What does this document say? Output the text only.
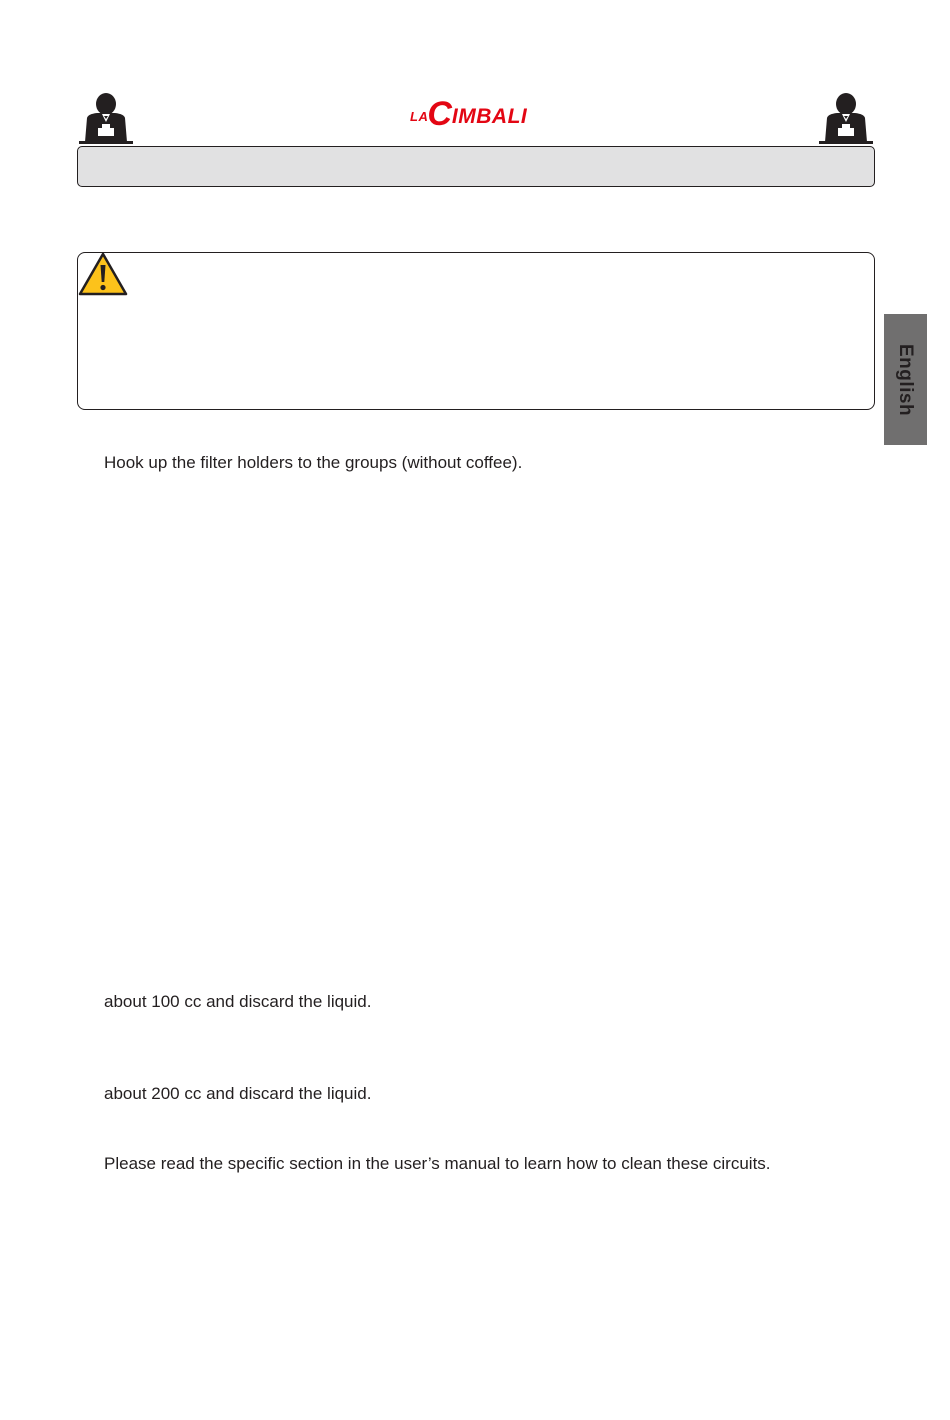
LA C IMBALI
English
Hook up the filter holders to the groups (without coffee).
about 100 cc and discard the liquid.
about 200 cc and discard the liquid.
Please read the specific section in the user’s manual to learn how to clean these circuits.
